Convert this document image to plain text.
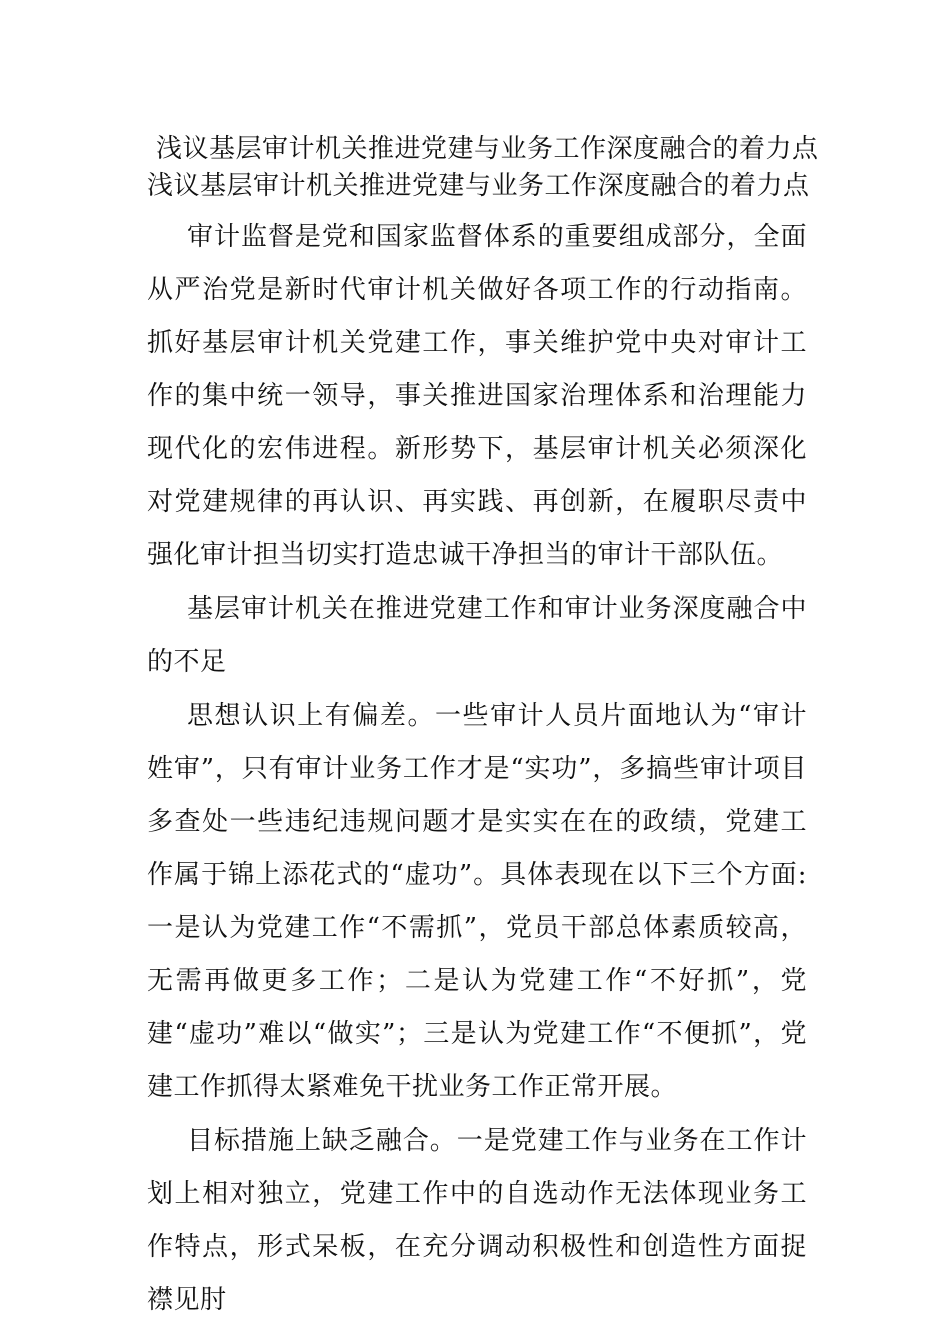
浅议基层审计机关推进党建与业务工作深度融合的着力点
浅议基层审计机关推进党建与业务工作深度融合的着力点

审计监督是党和国家监督体系的重要组成部分，全面从严治党是新时代审计机关做好各项工作的行动指南。抓好基层审计机关党建工作，事关维护党中央对审计工作的集中统一领导，事关推进国家治理体系和治理能力现代化的宏伟进程。新形势下，基层审计机关必须深化对党建规律的再认识、再实践、再创新，在履职尽责中强化审计担当切实打造忠诚干净担当的审计干部队伍。

基层审计机关在推进党建工作和审计业务深度融合中的不足

思想认识上有偏差。一些审计人员片面地认为“审计姓审”，只有审计业务工作才是“实功”，多搞些审计项目多查处一些违纪违规问题才是实实在在的政绩，党建工作属于锦上添花式的“虚功”。具体表现在以下三个方面:一是认为党建工作“不需抓”，党员干部总体素质较高，无需再做更多工作；二是认为党建工作“不好抓”，党建“虚功”难以“做实”；三是认为党建工作“不便抓”，党建工作抓得太紧难免干扰业务工作正常开展。

目标措施上缺乏融合。一是党建工作与业务在工作计划上相对独立，党建工作中的自选动作无法体现业务工作特点，形式呆板，在充分调动积极性和创造性方面捉襟见肘
